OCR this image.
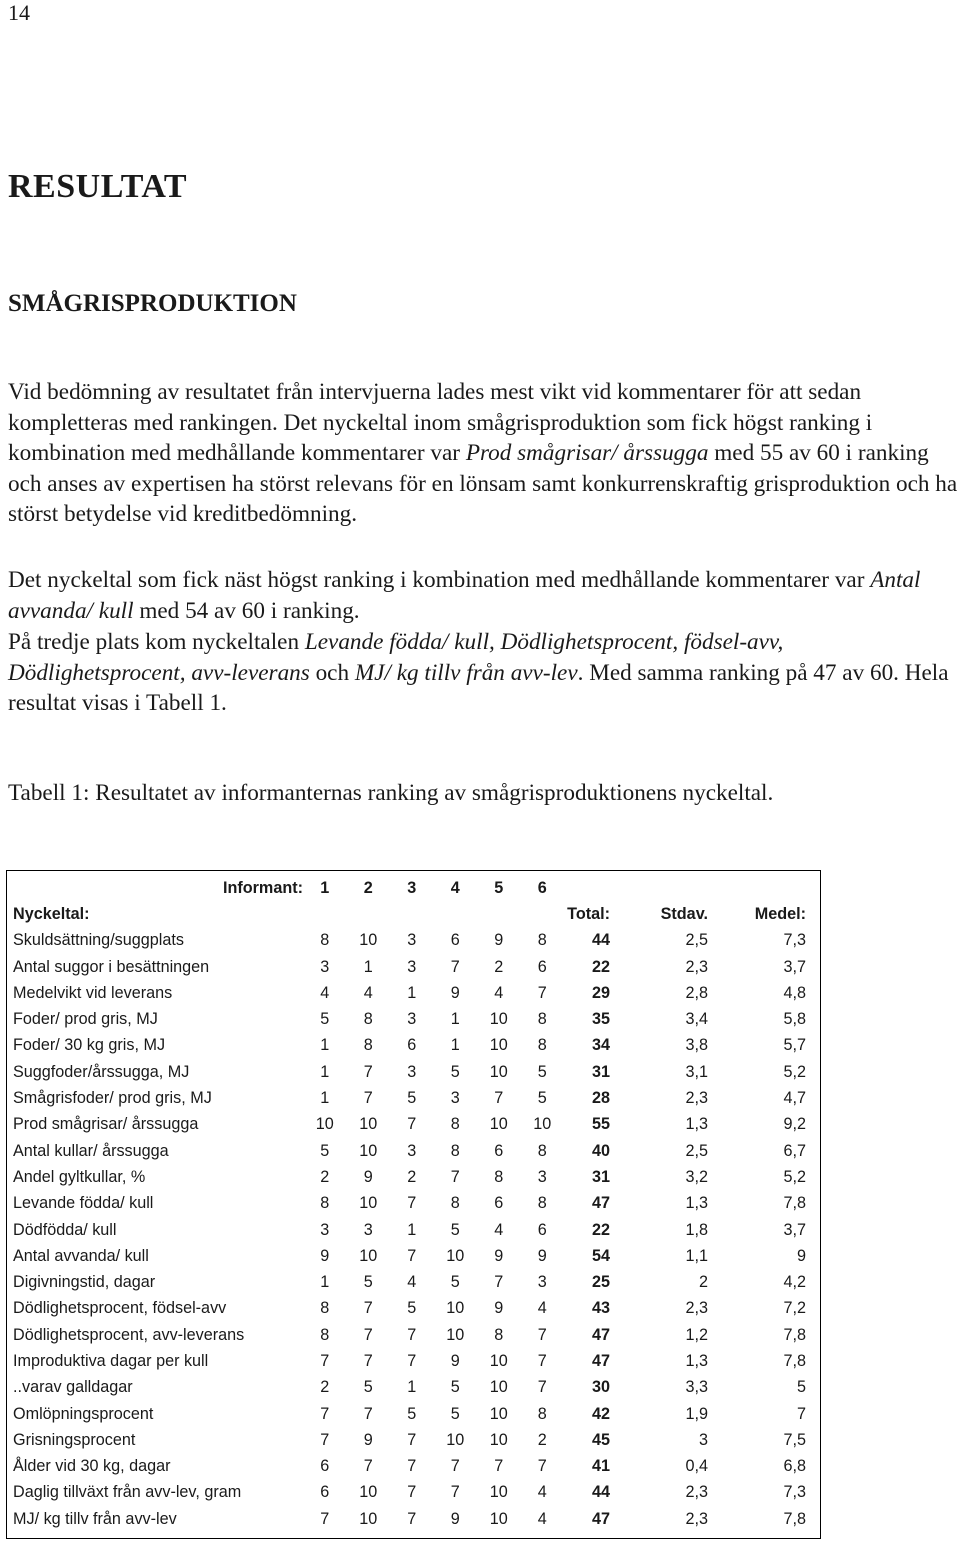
14
RESULTAT
SMÅGRISPRODUKTION

Vid bedömning av resultatet från intervjuerna lades mest vikt vid kommentarer för att sedan kompletteras med rankingen. Det nyckeltal inom smågrisproduktion som fick högst ranking i kombination med medhållande kommentarer var Prod smågrisar/ årssugga med 55 av 60 i ranking och anses av expertisen ha störst relevans för en lönsam samt konkurrenskraftig grisproduktion och ha störst betydelse vid kreditbedömning.

Det nyckeltal som fick näst högst ranking i kombination med medhållande kommentarer var Antal avvanda/ kull med 54 av 60 i ranking.

På tredje plats kom nyckeltalen Levande födda/ kull, Dödlighetsprocent, födsel-avv, Dödlighetsprocent, avv-leverans och MJ/ kg tillv från avv-lev. Med samma ranking på 47 av 60. Hela resultat visas i Tabell 1.

Tabell 1: Resultatet av informanternas ranking av smågrisproduktionens nyckeltal.
Informant:	1	2	3	4	5	6			
Nyckeltal:							Total:	Stdav.	Medel:
Skuldsättning/suggplats	8	10	3	6	9	8	44	2,5	7,3
Antal suggor i besättningen	3	1	3	7	2	6	22	2,3	3,7
Medelvikt vid leverans	4	4	1	9	4	7	29	2,8	4,8
Foder/ prod gris, MJ	5	8	3	1	10	8	35	3,4	5,8
Foder/ 30 kg gris, MJ	1	8	6	1	10	8	34	3,8	5,7
Suggfoder/årssugga, MJ	1	7	3	5	10	5	31	3,1	5,2
Smågrisfoder/ prod gris, MJ	1	7	5	3	7	5	28	2,3	4,7
Prod smågrisar/ årssugga	10	10	7	8	10	10	55	1,3	9,2
Antal kullar/ årssugga	5	10	3	8	6	8	40	2,5	6,7
Andel gyltkullar, %	2	9	2	7	8	3	31	3,2	5,2
Levande födda/ kull	8	10	7	8	6	8	47	1,3	7,8
Dödfödda/ kull	3	3	1	5	4	6	22	1,8	3,7
Antal avvanda/ kull	9	10	7	10	9	9	54	1,1	9
Digivningstid, dagar	1	5	4	5	7	3	25	2	4,2
Dödlighetsprocent, födsel-avv	8	7	5	10	9	4	43	2,3	7,2
Dödlighetsprocent, avv-leverans	8	7	7	10	8	7	47	1,2	7,8
Improduktiva dagar per kull	7	7	7	9	10	7	47	1,3	7,8
..varav galldagar	2	5	1	5	10	7	30	3,3	5
Omlöpningsprocent	7	7	5	5	10	8	42	1,9	7
Grisningsprocent	7	9	7	10	10	2	45	3	7,5
Ålder vid 30 kg, dagar	6	7	7	7	7	7	41	0,4	6,8
Daglig tillväxt från avv-lev, gram	6	10	7	7	10	4	44	2,3	7,3
MJ/ kg tillv från avv-lev	7	10	7	9	10	4	47	2,3	7,8
